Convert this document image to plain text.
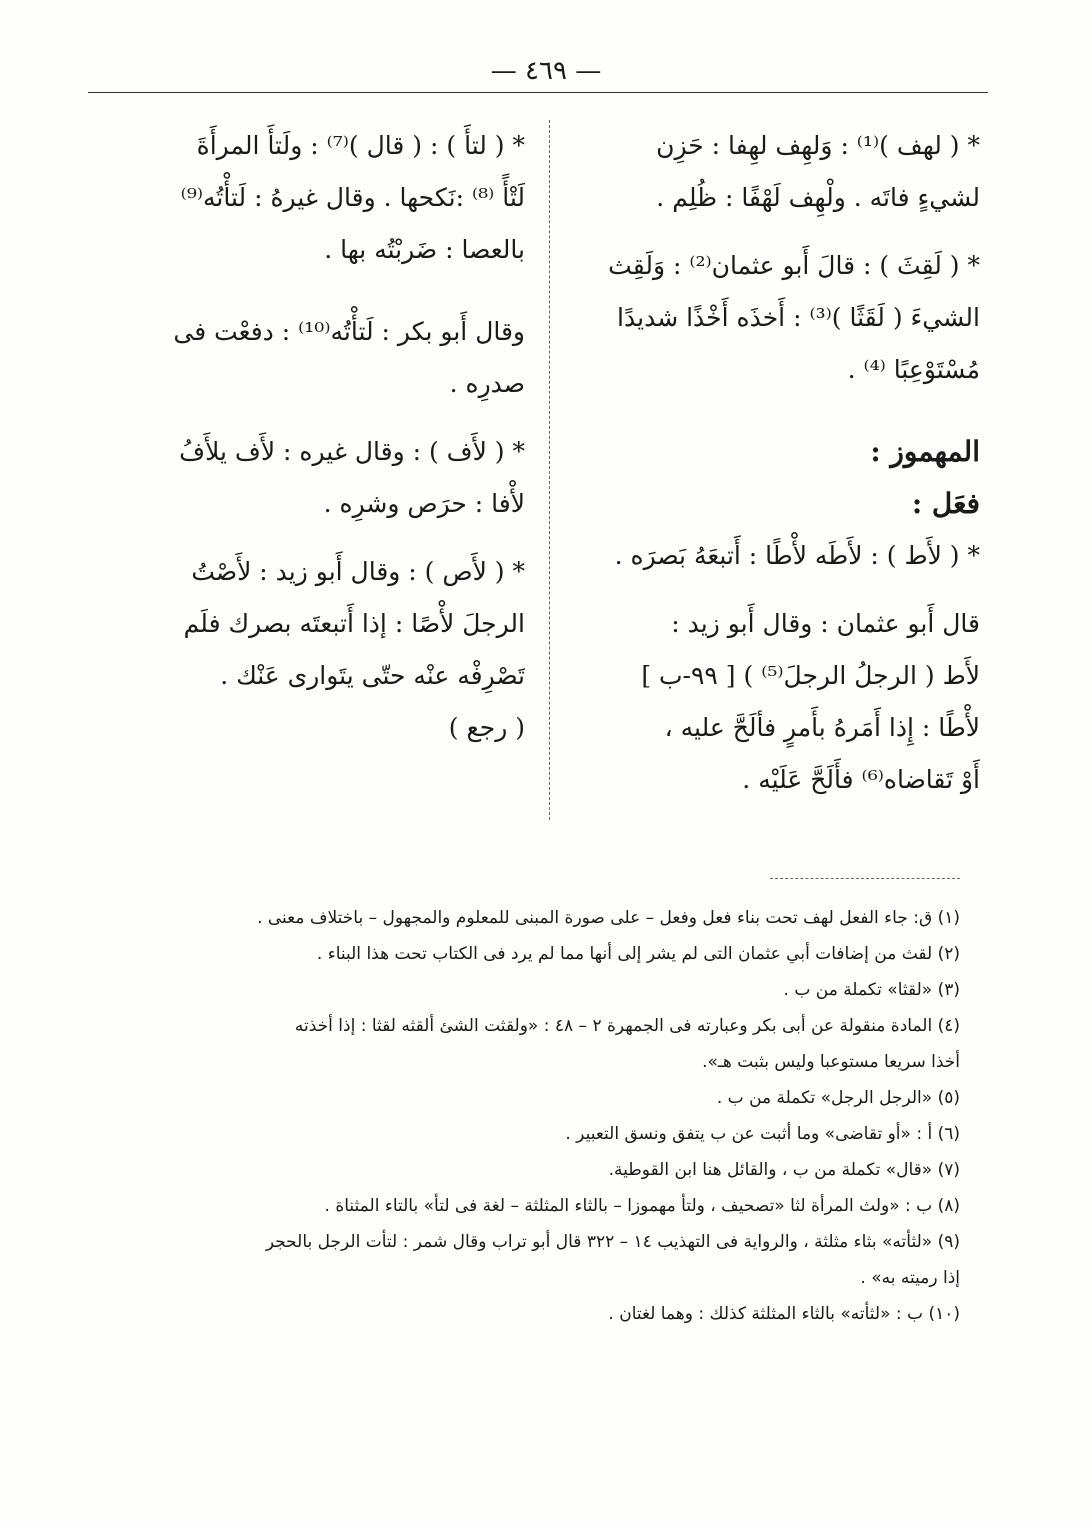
— ٤٦٩ —
* ( لهف )⁽¹⁾ : وَلهِف لهِفا : حَزِن
لشيءٍ فاتَه . ولْهِف لَهْفًا : ظُلِم .
* ( لَقِثَ ) : قالَ أَبو عثمان⁽²⁾ : وَلَقِث
الشيءَ ( لَقَثًا )⁽³⁾ : أَخذَه أَخْذًا شديدًا
مُسْتَوْعِبًا ⁽⁴⁾ .
المهموز :
فعَل :
* ( لأَط ) : لأَطَه لأْطًا : أَتبعَهُ بَصرَه .
قال أَبو عثمان : وقال أَبو زيد :
لأَط ( الرجلُ الرجلَ⁽⁵⁾ ) [ ٩٩-ب ]
لأْطًا : إِذا أَمَرهُ بأَمرٍ فألَحَّ عليه ،
أَوْ تَقاضاه⁽⁶⁾ فأَلَحَّ عَلَيْه .
* ( لتأَ ) : ( قال )⁽⁷⁾ : ولَتأَ المرأَةَ
لَتْأً ⁽⁸⁾ :نَكحها . وقال غيرهُ : لَتأْتُه⁽⁹⁾
بالعصا : ضَربْتُه بها .
وقال أَبو بكر : لَتأْتُه⁽¹⁰⁾ : دفعْت فى
صدرِه .
* ( لأَف ) : وقال غيره : لأَف يلأَفُ
لأْفا : حرَص وشرِه .
* ( لأَص ) : وقال أَبو زيد : لأَصْتُ
الرجلَ لأْصًا : إذا أَتبعتَه بصرك فلَم
تَصْرِفْه عنْه حتّى يتَوارى عَنْك .
( رجع )
(١) ق: جاء الفعل لهف تحت بناء فعل وفعل – على صورة المبنى للمعلوم والمجهول – باختلاف معنى .
(٢) لقث من إضافات أبي عثمان التى لم يشر إلى أنها مما لم يرد فى الكتاب تحت هذا البناء .
(٣) «لقثا» تكملة من ب .
(٤) المادة منقولة عن أبى بكر وعبارته فى الجمهرة ٢ – ٤٨ : «ولقثت الشئ ألقثه لقثا : إذا أخذته
أخذا سريعا مستوعبا وليس بثبت هـ».
(٥) «الرجل الرجل» تكملة من ب .
(٦) أ : «أو تقاضى» وما أثبت عن ب يتفق ونسق التعبير .
(٧) «قال» تكملة من ب ، والقائل هنا ابن القوطية.
(٨) ب : «ولث المرأة لثا «تصحيف ، ولتأ مهموزا – بالثاء المثلثة – لغة فى لتأ» بالتاء المثناة .
(٩) «لثأته» بثاء مثلثة ، والرواية فى التهذيب ١٤ – ٣٢٢ قال أبو تراب وقال شمر : لتأت الرجل بالحجر
إذا رميته به» .
(١٠) ب : «لثأته» بالثاء المثلثة كذلك : وهما لغتان .
